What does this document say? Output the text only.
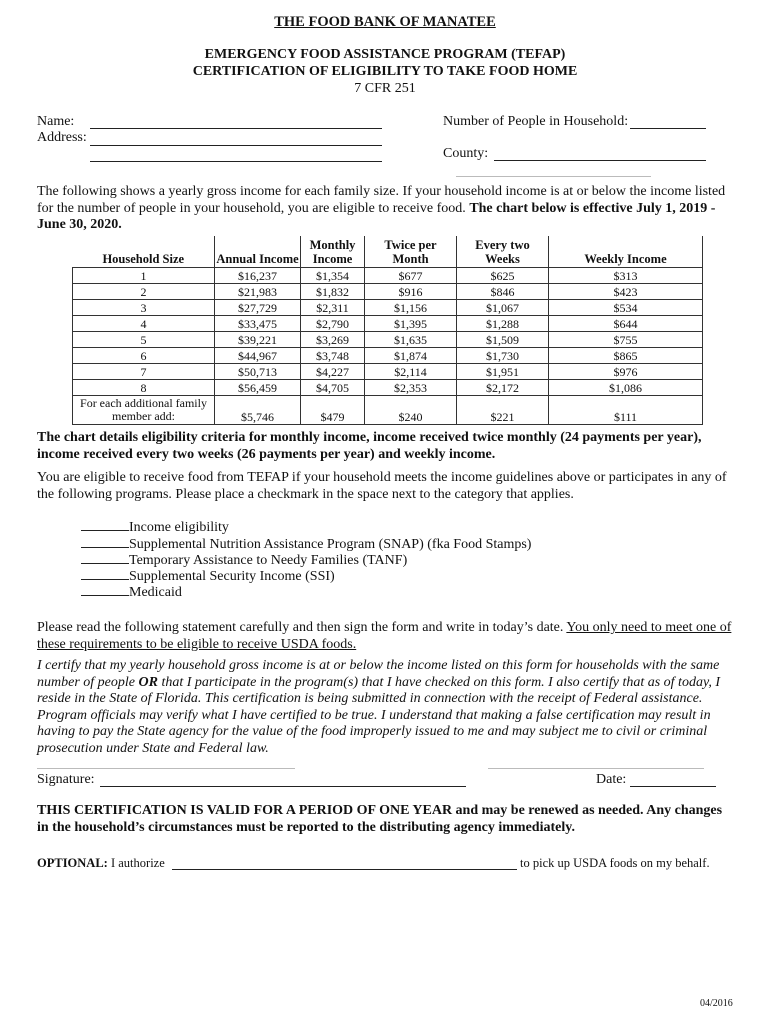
THE FOOD BANK OF MANATEE
EMERGENCY FOOD ASSISTANCE PROGRAM (TEFAP)
CERTIFICATION OF ELIGIBILITY TO TAKE FOOD HOME
7 CFR 251
Name:
Address:
Number of People in Household:
County:

The following shows a yearly gross income for each family size. If your household income is at or below the income listed for the number of people in your household, you are eligible to receive food. The chart below is effective July 1, 2019 - June 30, 2020.

Household Size	Annual Income	Monthly Income	Twice per Month	Every two Weeks	Weekly Income
1	$16,237	$1,354	$677	$625	$313
2	$21,983	$1,832	$916	$846	$423
3	$27,729	$2,311	$1,156	$1,067	$534
4	$33,475	$2,790	$1,395	$1,288	$644
5	$39,221	$3,269	$1,635	$1,509	$755
6	$44,967	$3,748	$1,874	$1,730	$865
7	$50,713	$4,227	$2,114	$1,951	$976
8	$56,459	$4,705	$2,353	$2,172	$1,086
For each additional family member add:	$5,746	$479	$240	$221	$111

The chart details eligibility criteria for monthly income, income received twice monthly (24 payments per year), income received every two weeks (26 payments per year) and weekly income.

You are eligible to receive food from TEFAP if your household meets the income guidelines above or participates in any of the following programs. Please place a checkmark in the space next to the category that applies.

Income eligibility
Supplemental Nutrition Assistance Program (SNAP) (fka Food Stamps)
Temporary Assistance to Needy Families (TANF)
Supplemental Security Income (SSI)
Medicaid

Please read the following statement carefully and then sign the form and write in today’s date. You only need to meet one of these requirements to be eligible to receive USDA foods.

I certify that my yearly household gross income is at or below the income listed on this form for households with the same number of people OR that I participate in the program(s) that I have checked on this form. I also certify that as of today, I reside in the State of Florida. This certification is being submitted in connection with the receipt of Federal assistance. Program officials may verify what I have certified to be true. I understand that making a false certification may result in having to pay the State agency for the value of the food improperly issued to me and may subject me to civil or criminal prosecution under State and Federal law.

Signature:	Date:

THIS CERTIFICATION IS VALID FOR A PERIOD OF ONE YEAR and may be renewed as needed. Any changes in the household’s circumstances must be reported to the distributing agency immediately.

OPTIONAL: I authorize	to pick up USDA foods on my behalf.
04/2016
